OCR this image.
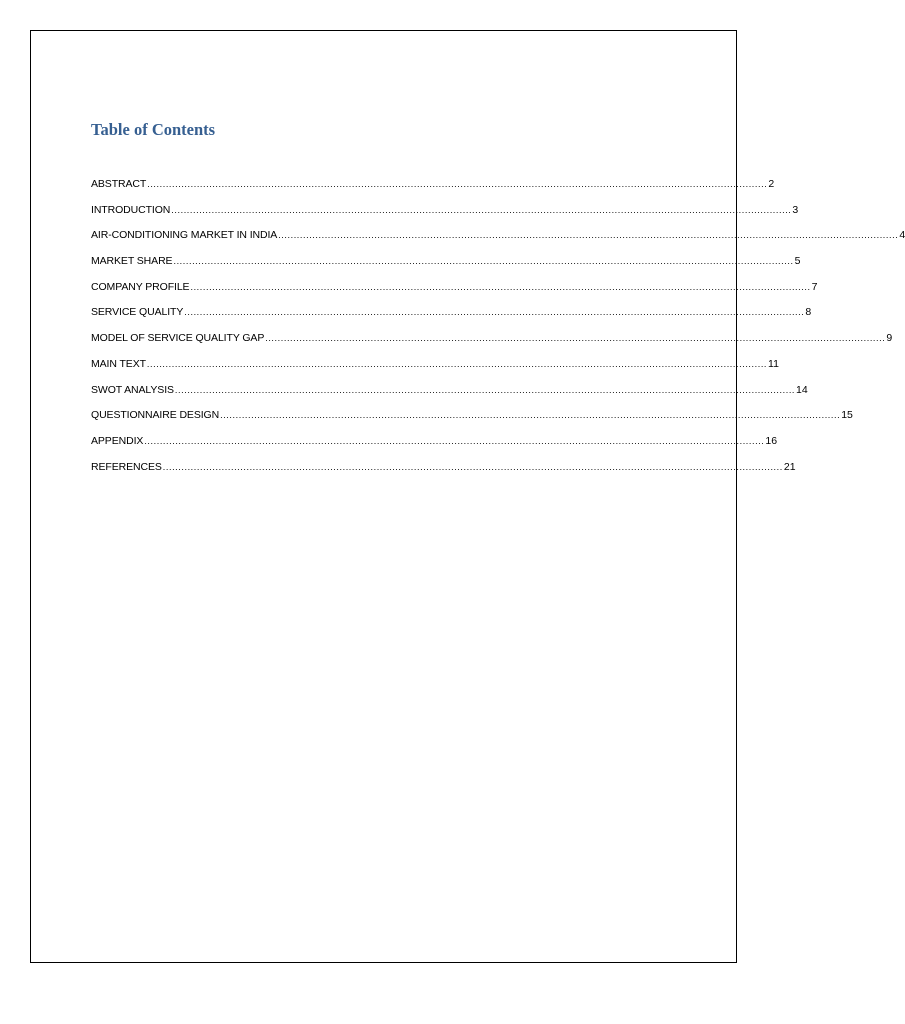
Table of Contents
ABSTRACT ........................................................................................................................................................................................................ 2
INTRODUCTION ........................................................................................................................................................................................................ 3
AIR-CONDITIONING MARKET IN INDIA ........................................................................................................................................................................................................ 4
MARKET SHARE ........................................................................................................................................................................................................ 5
COMPANY PROFILE ........................................................................................................................................................................................................ 7
SERVICE QUALITY ........................................................................................................................................................................................................ 8
MODEL OF SERVICE QUALITY GAP ........................................................................................................................................................................................................ 9
MAIN TEXT ........................................................................................................................................................................................................ 11
SWOT ANALYSIS ........................................................................................................................................................................................................ 14
QUESTIONNAIRE DESIGN ........................................................................................................................................................................................................ 15
APPENDIX ........................................................................................................................................................................................................ 16
REFERENCES ........................................................................................................................................................................................................ 21
